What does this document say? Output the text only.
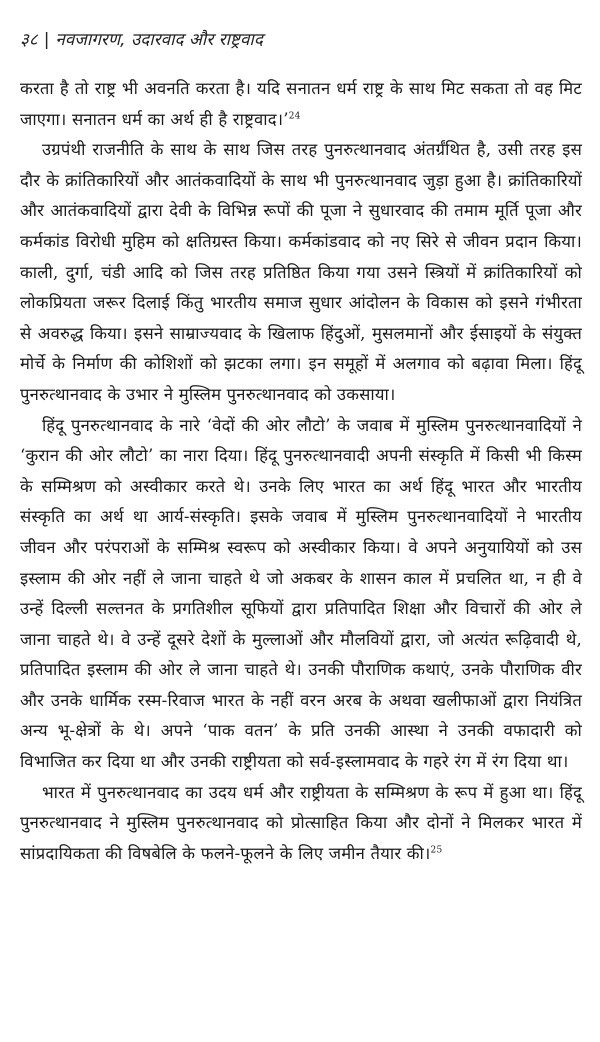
३८ | नवजागरण, उदारवाद और राष्ट्रवाद

करता है तो राष्ट्र भी अवनति करता है। यदि सनातन धर्म राष्ट्र के साथ मिट सकता तो वह मिट जाएगा। सनातन धर्म का अर्थ ही है राष्ट्रवाद।’$^{24}$

उग्रपंथी राजनीति के साथ के साथ जिस तरह पुनरुत्थानवाद अंतर्ग्रंथित है, उसी तरह इस दौर के क्रांतिकारियों और आतंकवादियों के साथ भी पुनरुत्थानवाद जुड़ा हुआ है। क्रांतिकारियों और आतंकवादियों द्वारा देवी के विभिन्न रूपों की पूजा ने सुधारवाद की तमाम मूर्ति पूजा और कर्मकांड विरोधी मुहिम को क्षतिग्रस्त किया। कर्मकांडवाद को नए सिरे से जीवन प्रदान किया। काली, दुर्गा, चंडी आदि को जिस तरह प्रतिष्ठित किया गया उसने स्त्रियों में क्रांतिकारियों को लोकप्रियता जरूर दिलाई किंतु भारतीय समाज सुधार आंदोलन के विकास को इसने गंभीरता से अवरुद्ध किया। इसने साम्राज्यवाद के खिलाफ हिंदुओं, मुसलमानों और ईसाइयों के संयुक्त मोर्चे के निर्माण की कोशिशों को झटका लगा। इन समूहों में अलगाव को बढ़ावा मिला। हिंदू पुनरुत्थानवाद के उभार ने मुस्लिम पुनरुत्थानवाद को उकसाया।

हिंदू पुनरुत्थानवाद के नारे ‘वेदों की ओर लौटो’ के जवाब में मुस्लिम पुनरुत्थानवादियों ने ‘कुरान की ओर लौटो’ का नारा दिया। हिंदू पुनरुत्थानवादी अपनी संस्कृति में किसी भी किस्म के सम्मिश्रण को अस्वीकार करते थे। उनके लिए भारत का अर्थ हिंदू भारत और भारतीय संस्कृति का अर्थ था आर्य-संस्कृति। इसके जवाब में मुस्लिम पुनरुत्थानवादियों ने भारतीय जीवन और परंपराओं के सम्मिश्र स्वरूप को अस्वीकार किया। वे अपने अनुयायियों को उस इस्लाम की ओर नहीं ले जाना चाहते थे जो अकबर के शासन काल में प्रचलित था, न ही वे उन्हें दिल्ली सल्तनत के प्रगतिशील सूफियों द्वारा प्रतिपादित शिक्षा और विचारों की ओर ले जाना चाहते थे। वे उन्हें दूसरे देशों के मुल्लाओं और मौलवियों द्वारा, जो अत्यंत रूढ़िवादी थे, प्रतिपादित इस्लाम की ओर ले जाना चाहते थे। उनकी पौराणिक कथाएं, उनके पौराणिक वीर और उनके धार्मिक रस्म-रिवाज भारत के नहीं वरन अरब के अथवा खलीफाओं द्वारा नियंत्रित अन्य भू-क्षेत्रों के थे। अपने ‘पाक वतन’ के प्रति उनकी आस्था ने उनकी वफादारी को विभाजित कर दिया था और उनकी राष्ट्रीयता को सर्व-इस्लामवाद के गहरे रंग में रंग दिया था।

भारत में पुनरुत्थानवाद का उदय धर्म और राष्ट्रीयता के सम्मिश्रण के रूप में हुआ था। हिंदू पुनरुत्थानवाद ने मुस्लिम पुनरुत्थानवाद को प्रोत्साहित किया और दोनों ने मिलकर भारत में सांप्रदायिकता की विषबेलि के फलने-फूलने के लिए जमीन तैयार की।$^{25}$
